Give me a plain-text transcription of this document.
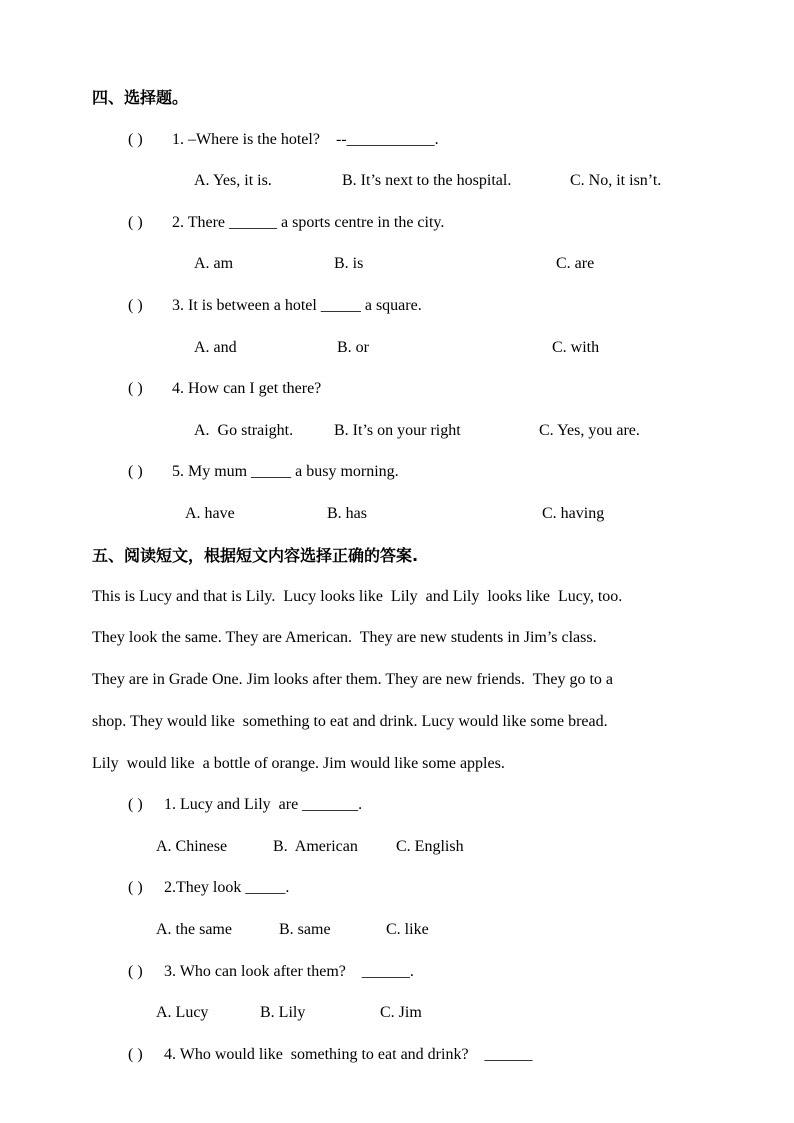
四、选择题。
( ) 1. –Where is the hotel?    --___________.
A. Yes, it is.	B. It’s next to the hospital.	C. No, it isn’t.
( ) 2. There ______ a sports centre in the city.
A. am	B. is	C. are
( ) 3. It is between a hotel _____ a square.
A. and	B. or	C. with
( ) 4. How can I get there?
A.  Go straight.	B. It’s on your right	C. Yes, you are.
( ) 5. My mum _____ a busy morning.
A. have	B. has	C. having
五、阅读短文，根据短文内容选择正确的答案.
This is Lucy and that is Lily.  Lucy looks like  Lily  and Lily  looks like  Lucy, too.
They look the same. They are American.  They are new students in Jim’s class.
They are in Grade One. Jim looks after them. They are new friends.  They go to a
shop. They would like  something to eat and drink. Lucy would like some bread.
Lily  would like  a bottle of orange. Jim would like some apples.
( ) 1. Lucy and Lily  are _______.
A. Chinese	B.  American C. English
( ) 2.They look _____.
A. the same	B. same	C. like
( ) 3. Who can look after them?    ______.
A. Lucy	B. Lily	C. Jim
( ) 4. Who would like  something to eat and drink?    ______
